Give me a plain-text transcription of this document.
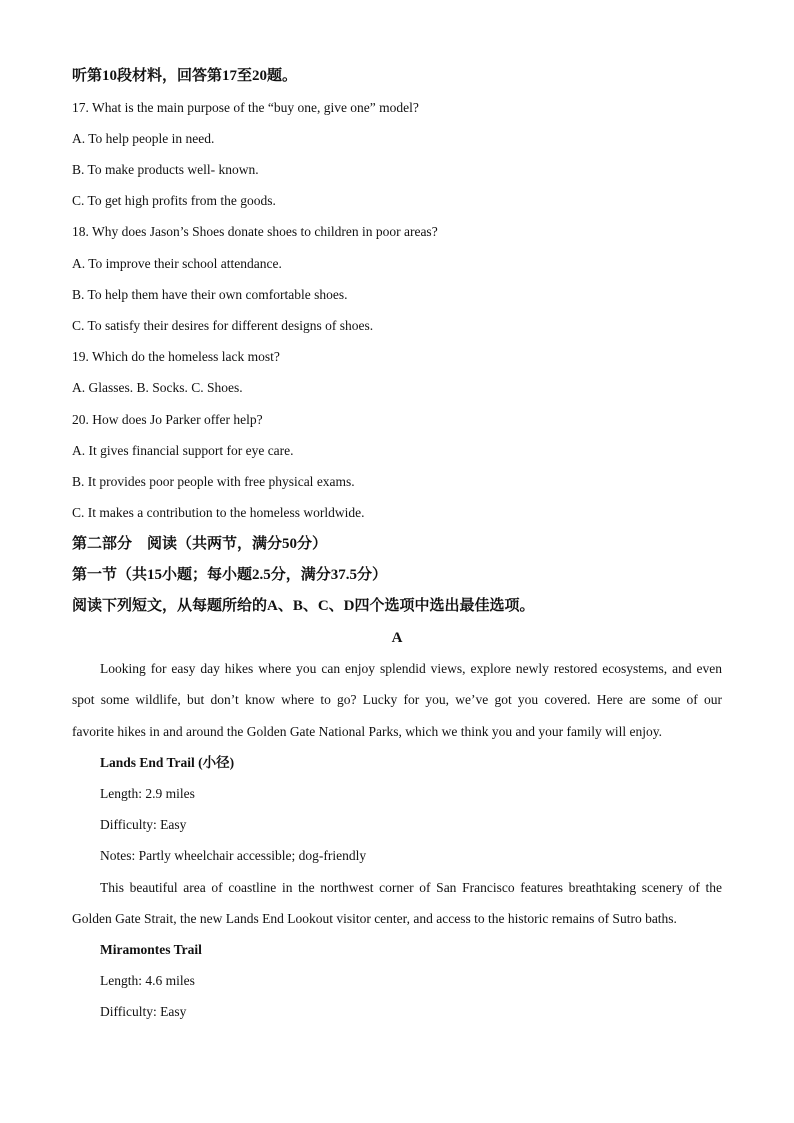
听第10段材料，回答第17至20题。
17. What is the main purpose of the “buy one, give one” model?
A. To help people in need.
B. To make products well- known.
C. To get high profits from the goods.
18. Why does Jason’s Shoes donate shoes to children in poor areas?
A. To improve their school attendance.
B. To help them have their own comfortable shoes.
C. To satisfy their desires for different designs of shoes.
19. Which do the homeless lack most?
A. Glasses. B. Socks. C. Shoes.
20. How does Jo Parker offer help?
A. It gives financial support for eye care.
B. It provides poor people with free physical exams.
C. It makes a contribution to the homeless worldwide.
第二部分　阅读（共两节，满分50分）
第一节（共15小题；每小题2.5分，满分37.5分）
阅读下列短文，从每题所给的A、B、C、D四个选项中选出最佳选项。
A
Looking for easy day hikes where you can enjoy splendid views, explore newly restored ecosystems, and even
spot some wildlife, but don’t know where to go? Lucky for you, we’ve got you covered. Here are some of our
favorite hikes in and around the Golden Gate National Parks, which we think you and your family will enjoy.
Lands End Trail (小径)
Length: 2.9 miles
Difficulty: Easy
Notes: Partly wheelchair accessible; dog-friendly
This beautiful area of coastline in the northwest corner of San Francisco features breathtaking scenery of the
Golden Gate Strait, the new Lands End Lookout visitor center, and access to the historic remains of Sutro baths.
Miramontes Trail
Length: 4.6 miles
Difficulty: Easy
